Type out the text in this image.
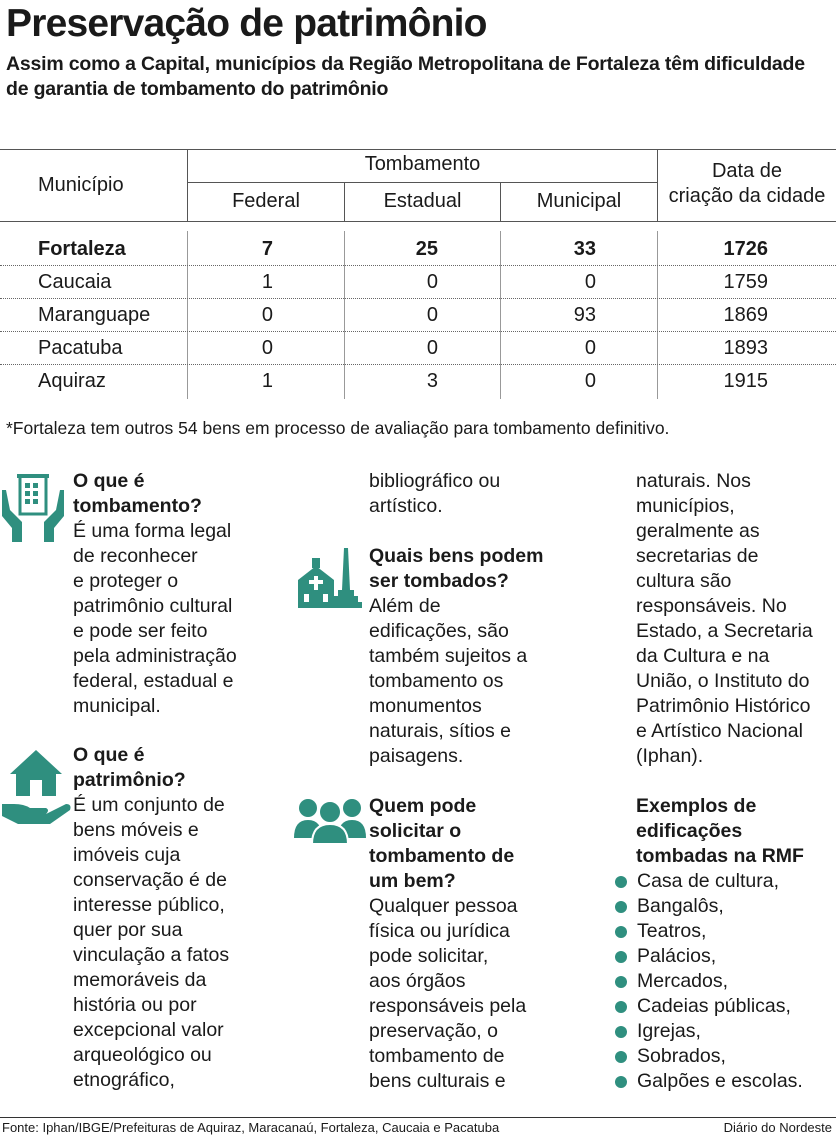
Preservação de patrimônio
Assim como a Capital, municípios da Região Metropolitana de Fortaleza têm dificuldade de garantia de tombamento do patrimônio
Município
Tombamento
Federal	Estadual	Municipal
Data de
criação da cidade
Fortaleza	7	25	33	1726
Caucaia	1	0	0	1759
Maranguape	0	0	93	1869
Pacatuba	0	0	0	1893
Aquiraz	1	3	0	1915
*Fortaleza tem outros 54 bens em processo de avaliação para tombamento definitivo.
O que é
tombamento?
É uma forma legal
de reconhecer
e proteger o
patrimônio cultural
e pode ser feito
pela administração
federal, estadual e
municipal.
O que é
patrimônio?
É um conjunto de
bens móveis e
imóveis cuja
conservação é de
interesse público,
quer por sua
vinculação a fatos
memoráveis da
história ou por
excepcional valor
arqueológico ou
etnográfico,
bibliográfico ou
artístico.
Quais bens podem
ser tombados?
Além de
edificações, são
também sujeitos a
tombamento os
monumentos
naturais, sítios e
paisagens.
Quem pode
solicitar o
tombamento de
um bem?
Qualquer pessoa
física ou jurídica
pode solicitar,
aos órgãos
responsáveis pela
preservação, o
tombamento de
bens culturais e
naturais. Nos
municípios,
geralmente as
secretarias de
cultura são
responsáveis. No
Estado, a Secretaria
da Cultura e na
União, o Instituto do
Patrimônio Histórico
e Artístico Nacional
(Iphan).
Exemplos de
edificações
tombadas na RMF
Casa de cultura,
Bangalôs,
Teatros,
Palácios,
Mercados,
Cadeias públicas,
Igrejas,
Sobrados,
Galpões e escolas.
Fonte: Iphan/IBGE/Prefeituras de Aquiraz, Maracanaú, Fortaleza, Caucaia e Pacatuba	Diário do Nordeste
